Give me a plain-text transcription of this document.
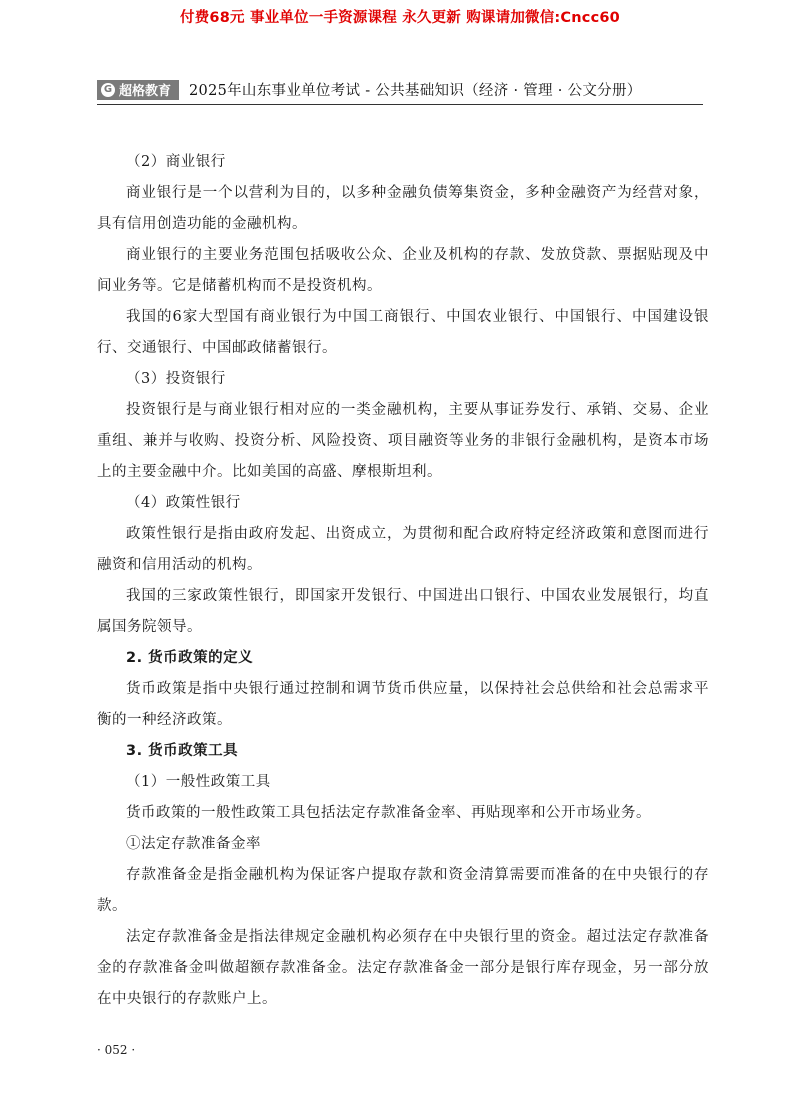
付费68元 事业单位一手资源课程 永久更新 购课请加微信:Cncc60
G 超格教育 2025年山东事业单位考试 - 公共基础知识（经济 · 管理 · 公文分册）

（2）商业银行

商业银行是一个以营利为目的，以多种金融负债筹集资金，多种金融资产为经营对象，具有信用创造功能的金融机构。

商业银行的主要业务范围包括吸收公众、企业及机构的存款、发放贷款、票据贴现及中间业务等。它是储蓄机构而不是投资机构。

我国的6家大型国有商业银行为中国工商银行、中国农业银行、中国银行、中国建设银行、交通银行、中国邮政储蓄银行。

（3）投资银行

投资银行是与商业银行相对应的一类金融机构，主要从事证券发行、承销、交易、企业重组、兼并与收购、投资分析、风险投资、项目融资等业务的非银行金融机构，是资本市场上的主要金融中介。比如美国的高盛、摩根斯坦利。

（4）政策性银行

政策性银行是指由政府发起、出资成立，为贯彻和配合政府特定经济政策和意图而进行融资和信用活动的机构。

我国的三家政策性银行，即国家开发银行、中国进出口银行、中国农业发展银行，均直属国务院领导。

2. 货币政策的定义

货币政策是指中央银行通过控制和调节货币供应量，以保持社会总供给和社会总需求平衡的一种经济政策。

3. 货币政策工具

（1）一般性政策工具

货币政策的一般性政策工具包括法定存款准备金率、再贴现率和公开市场业务。

①法定存款准备金率

存款准备金是指金融机构为保证客户提取存款和资金清算需要而准备的在中央银行的存款。

法定存款准备金是指法律规定金融机构必须存在中央银行里的资金。超过法定存款准备金的存款准备金叫做超额存款准备金。法定存款准备金一部分是银行库存现金，另一部分放在中央银行的存款账户上。

· 052 ·
